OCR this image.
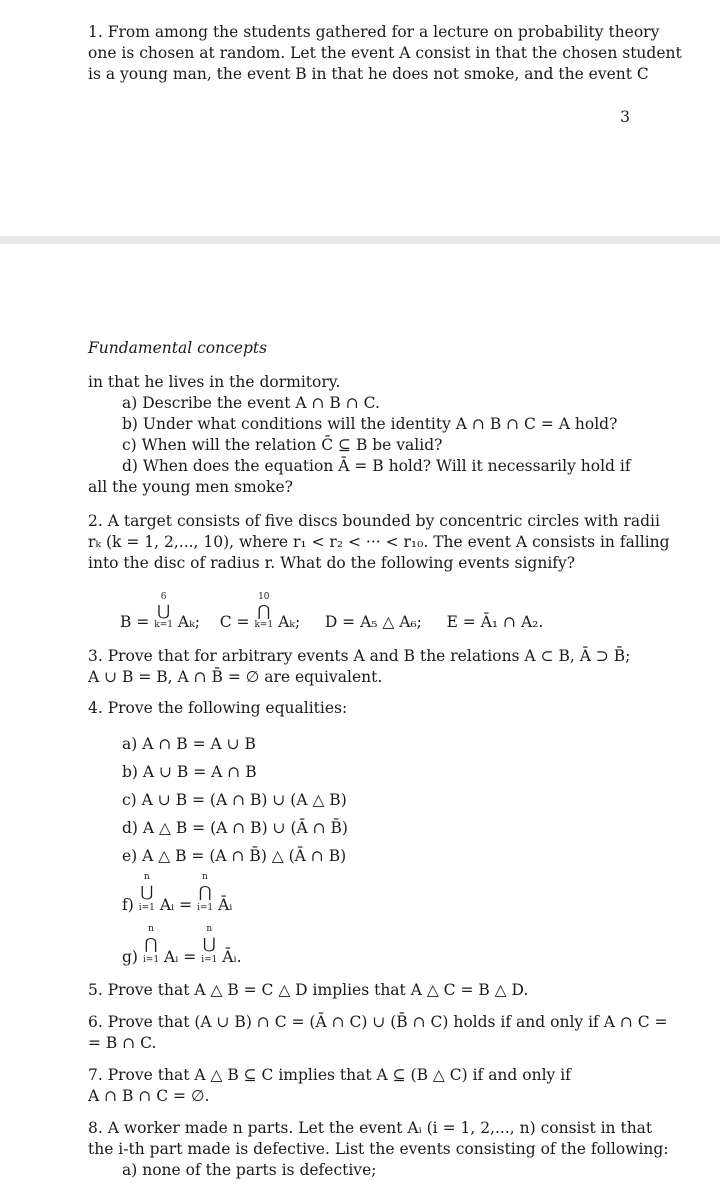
1. From among the students gathered for a lecture on probability theory
one is chosen at random. Let the event A consist in that the chosen student
is a young man, the event B in that he does not smoke, and the event C
3
Fundamental concepts
in that he lives in the dormitory.
a) Describe the event A ∩ B ∩ C.
b) Under what conditions will the identity A ∩ B ∩ C = A hold?
c) When will the relation C̄ ⊆ B be valid?
d) When does the equation Ā = B hold? Will it necessarily hold if
all the young men smoke?
2. A target consists of five discs bounded by concentric circles with radii
rₖ (k = 1, 2,..., 10), where r₁ < r₂ < ··· < r₁₀. The event A consists in falling
into the disc of radius r. What do the following events signify?
B =
6
⋃
k=1 Aₖ; C =
10
⋂
k=1 Aₖ; D = A₅ △ A₆; E = Ā₁ ∩ A₂.
3. Prove that for arbitrary events A and B the relations A ⊂ B, Ā ⊃ B̄;
A ∪ B = B, A ∩ B̄ = ∅ are equivalent.
4. Prove the following equalities:
a) A ∩ B = A ∪ B
b) A ∪ B = A ∩ B
c) A ∪ B = (A ∩ B) ∪ (A △ B)
d) A △ B = (A ∩ B) ∪ (Ā ∩ B̄)
e) A △ B = (A ∩ B̄) △ (Ā ∩ B)
f)
n
⋃
i=1 Aᵢ =
n
⋂
i=1 Āᵢ
g)
n
⋂
i=1 Aᵢ =
n
⋃
i=1 Āᵢ.
5. Prove that A △ B = C △ D implies that A △ C = B △ D.
6. Prove that (A ∪ B) ∩ C = (Ā ∩ C) ∪ (B̄ ∩ C) holds if and only if A ∩ C =
= B ∩ C.
7. Prove that A △ B ⊆ C implies that A ⊆ (B △ C) if and only if
A ∩ B ∩ C = ∅.
8. A worker made n parts. Let the event Aᵢ (i = 1, 2,..., n) consist in that
the i-th part made is defective. List the events consisting of the following:
a) none of the parts is defective;
